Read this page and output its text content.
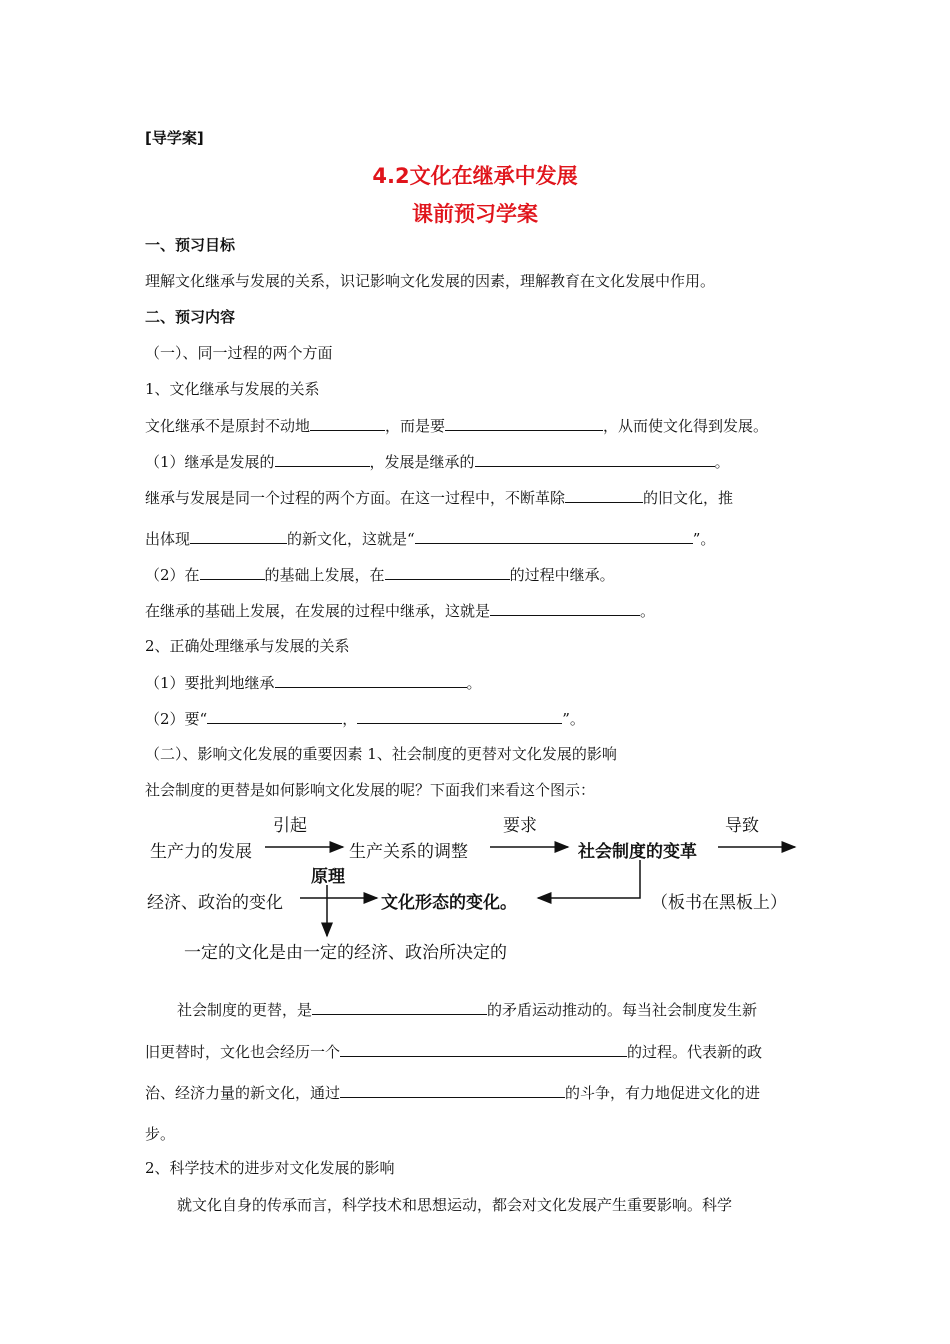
[导学案]
4.2文化在继承中发展
课前预习学案
一、预习目标
理解文化继承与发展的关系，识记影响文化发展的因素，理解教育在文化发展中作用。
二、预习内容
（一）、同一过程的两个方面
1、文化继承与发展的关系
文化继承不是原封不动地	，而是要	，从而使文化得到发展。
（1）继承是发展的	，发展是继承的	。
继承与发展是同一个过程的两个方面。在这一过程中，不断革除	的旧文化，推
出体现	的新文化，这就是“	”。
（2）在	的基础上发展，在	的过程中继承。
在继承的基础上发展，在发展的过程中继承，这就是	。
2、正确处理继承与发展的关系
（1）要批判地继承	。
（2）要“	，	”。
（二）、影响文化发展的重要因素 1、社会制度的更替对文化发展的影响
社会制度的更替是如何影响文化发展的呢？下面我们来看这个图示：
生产力的发展
引起
生产关系的调整
要求
社会制度的变革
导致
经济、政治的变化
原理
文化形态的变化。	（板书在黑板上）
一定的文化是由一定的经济、政治所决定的
社会制度的更替，是	的矛盾运动推动的。每当社会制度发生新
旧更替时，文化也会经历一个	的过程。代表新的政
治、经济力量的新文化，通过	的斗争，有力地促进文化的进
步。
2、科学技术的进步对文化发展的影响
就文化自身的传承而言，科学技术和思想运动，都会对文化发展产生重要影响。科学
